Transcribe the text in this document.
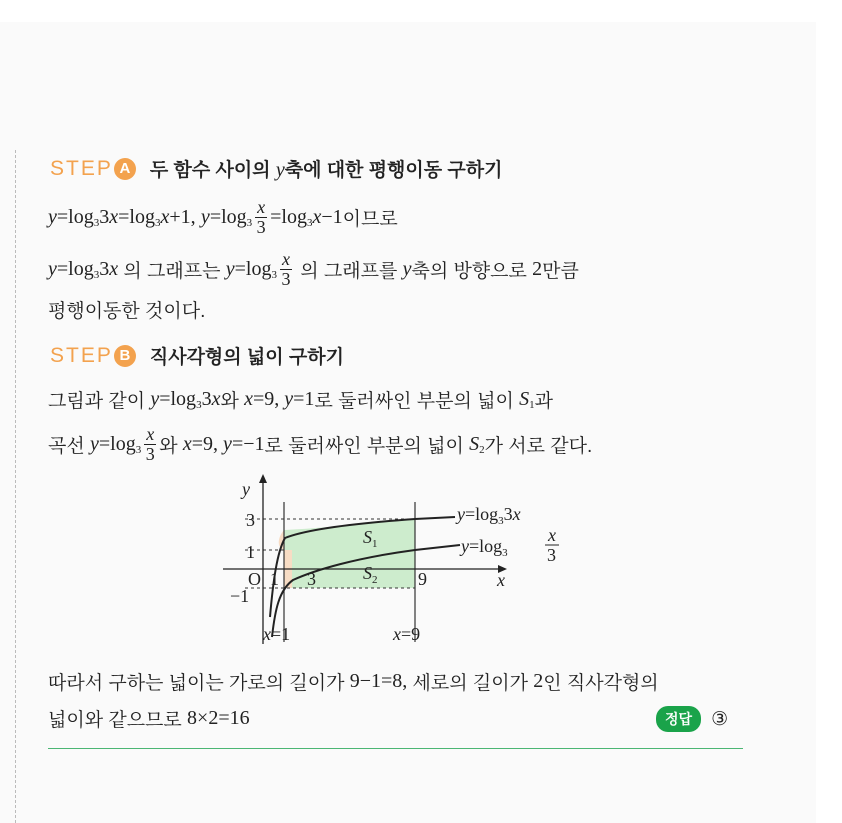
STEP A 두 함수 사이의 y축에 대한 평행이동 구하기
y =log 3 3 x =log 3 x +1,
y =log $3 \frac{x}{3} =\log$ 3 x −1 이므로
y =log 3 3 x 의 그래프는 y =log $3 \frac{x}{3}$ 의 그래프를 y 축의 방향으로 2 만큼
평행이동한 것이다.
STEP B 직사각형의 넓이 구하기
그림과 같이 y =log 3 3 x 와 x =9, y =1 로 둘러싸인 부분의 넓이 S 1 과
곡선 y =log $3 \frac{x}{3}$ 와 x =9, y =−1 로 둘러싸인 부분의 넓이 S 2 가 서로 같다.
y
x
3
1
−1
O 1 3	9
$S_1$
$S_2$
$y=\log_33x$
$y=\log_3$
x
3
x=1	x=9
따라서 구하는 넓이는 가로의 길이가 9−1=8, 세로의 길이가 2 인 직사각형의
넓이와 같으므로 8×2=16	정답	③
